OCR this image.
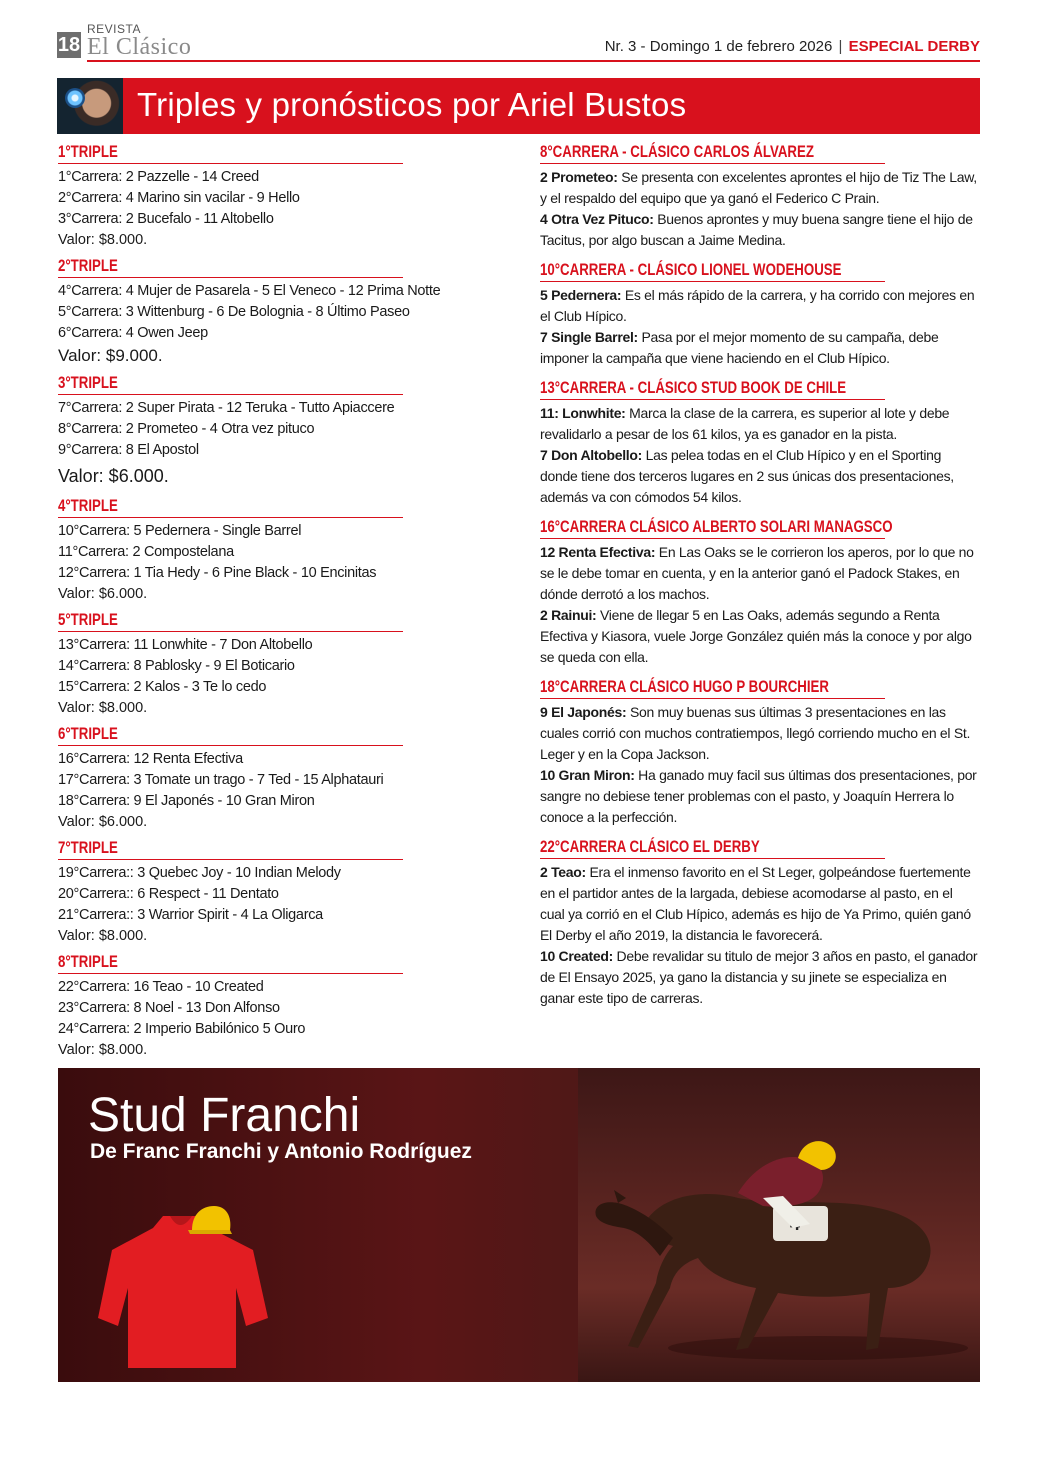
18
REVISTA
El Clásico	Nr. 3 - Domingo 1 de febrero 2026 | ESPECIAL DERBY
Triples y pronósticos por Ariel Bustos
1°TRIPLE
1°Carrera: 2 Pazzelle - 14 Creed
2°Carrera: 4 Marino sin vacilar - 9 Hello
3°Carrera: 2 Bucefalo - 11 Altobello
Valor: $8.000.
2°TRIPLE
4°Carrera: 4 Mujer de Pasarela - 5 El Veneco - 12 Prima Notte
5°Carrera: 3 Wittenburg - 6 De Bolognia - 8 Último Paseo
6°Carrera: 4 Owen Jeep
Valor: $9.000.
3°TRIPLE
7°Carrera: 2 Super Pirata - 12 Teruka - Tutto Apiaccere
8°Carrera: 2 Prometeo - 4 Otra vez pituco
9°Carrera: 8 El Apostol
Valor: $6.000.
4°TRIPLE
10°Carrera: 5 Pedernera - Single Barrel
11°Carrera: 2 Compostelana
12°Carrera: 1 Tia Hedy - 6 Pine Black - 10 Encinitas
Valor: $6.000.
5°TRIPLE
13°Carrera: 11 Lonwhite - 7 Don Altobello
14°Carrera: 8 Pablosky - 9 El Boticario
15°Carrera: 2 Kalos - 3 Te lo cedo
Valor: $8.000.
6°TRIPLE
16°Carrera: 12 Renta Efectiva
17°Carrera: 3 Tomate un trago - 7 Ted - 15 Alphatauri
18°Carrera: 9 El Japonés - 10 Gran Miron
Valor: $6.000.
7°TRIPLE
19°Carrera:: 3 Quebec Joy - 10 Indian Melody
20°Carrera:: 6 Respect - 11 Dentato
21°Carrera:: 3 Warrior Spirit - 4 La Oligarca
Valor: $8.000.
8°TRIPLE
22°Carrera: 16 Teao - 10 Created
23°Carrera: 8 Noel - 13 Don Alfonso
24°Carrera: 2 Imperio Babilónico 5 Ouro
Valor: $8.000.
8°CARRERA - CLÁSICO CARLOS ÁLVAREZ
2 Prometeo: Se presenta con excelentes aprontes el hijo de Tiz The Law, y el respaldo del equipo que ya ganó el Federico C Prain.
4 Otra Vez Pituco: Buenos aprontes y muy buena sangre tiene el hijo de Tacitus, por algo buscan a Jaime Medina.
10°CARRERA - CLÁSICO LIONEL WODEHOUSE
5 Pedernera: Es el más rápido de la carrera, y ha corrido con mejores en el Club Hípico.
7 Single Barrel: Pasa por el mejor momento de su campaña, debe imponer la campaña que viene haciendo en el Club Hípico.
13°CARRERA - CLÁSICO STUD BOOK DE CHILE
11: Lonwhite: Marca la clase de la carrera, es superior al lote y debe revalidarlo a pesar de los 61 kilos, ya es ganador en la pista.
7 Don Altobello: Las pelea todas en el Club Hípico y en el Sporting donde tiene dos terceros lugares en 2 sus únicas dos presentaciones, además va con cómodos 54 kilos.
16°CARRERA CLÁSICO ALBERTO SOLARI MANAGSCO
12 Renta Efectiva: En Las Oaks se le corrieron los aperos, por lo que no se le debe tomar en cuenta, y en la anterior ganó el Padock Stakes, en dónde derrotó a los machos.
2 Rainui: Viene de llegar 5 en Las Oaks, además segundo a Renta Efectiva y Kiasora, vuele Jorge González quién más la conoce y por algo se queda con ella.
18°CARRERA CLÁSICO HUGO P BOURCHIER
9 El Japonés: Son muy buenas sus últimas 3 presentaciones en las cuales corrió con muchos contratiempos, llegó corriendo mucho en el St. Leger y en la Copa Jackson.
10 Gran Miron: Ha ganado muy facil sus últimas dos presentaciones, por sangre no debiese tener problemas con el pasto, y Joaquín Herrera lo conoce a la perfección.
22°CARRERA CLÁSICO EL DERBY
2 Teao: Era el inmenso favorito en el St Leger, golpeándose fuertemente en el partidor antes de la largada, debiese acomodarse al pasto, en el cual ya corrió en el Club Hípico, además es hijo de Ya Primo, quién ganó El Derby el año 2019, la distancia le favorecerá.
10 Created: Debe revalidar su titulo de mejor 3 años en pasto, el ganador de El Ensayo 2025, ya gano la distancia y su jinete se especializa en ganar este tipo de carreras.
Stud Franchi
De Franc Franchi y Antonio Rodríguez
